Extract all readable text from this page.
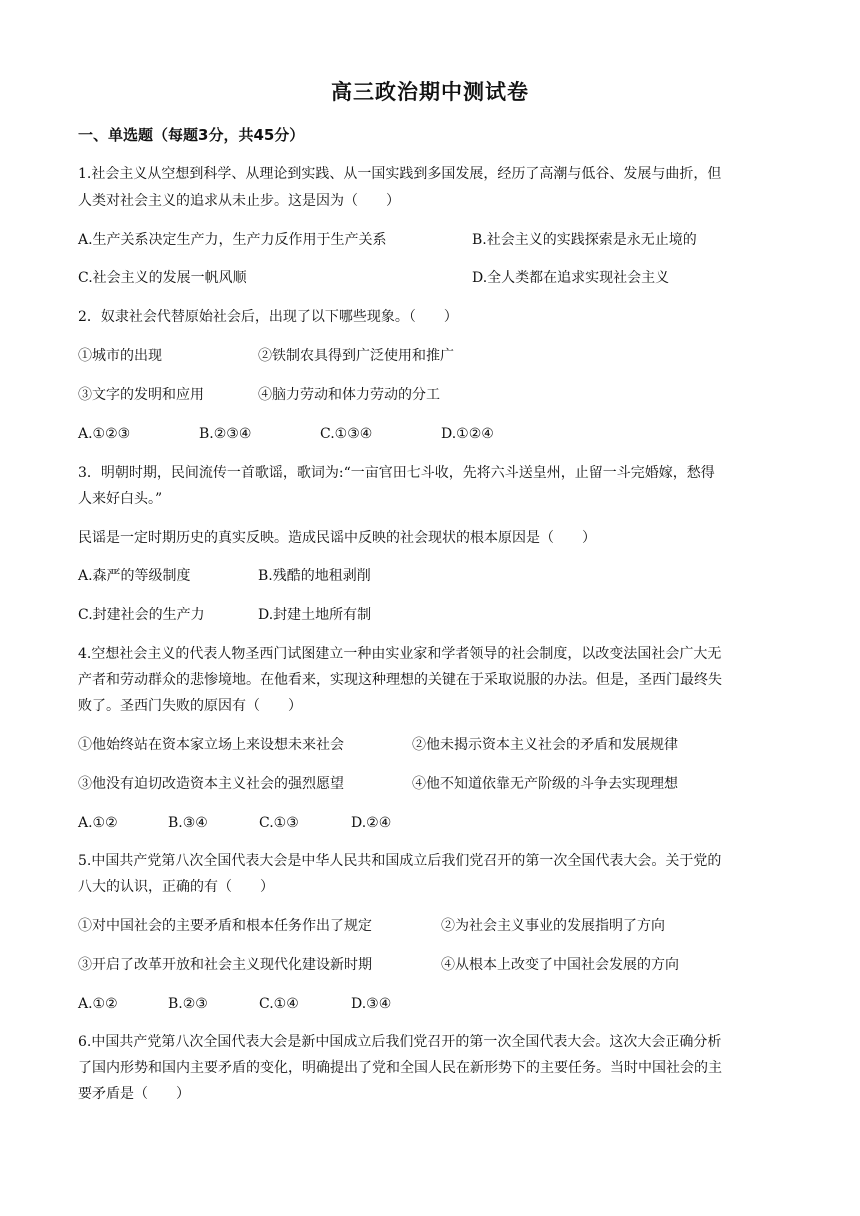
高三政治期中测试卷
一、单选题（每题3分，共45分）
1.社会主义从空想到科学、从理论到实践、从一国实践到多国发展，经历了高潮与低谷、发展与曲折，但
人类对社会主义的追求从未止步。这是因为（　　）
A.生产关系决定生产力，生产力反作用于生产关系	B.社会主义的实践探索是永无止境的
C.社会主义的发展一帆风顺	D.全人类都在追求实现社会主义
2．奴隶社会代替原始社会后，出现了以下哪些现象。（　　）
①城市的出现	②铁制农具得到广泛使用和推广
③文字的发明和应用	④脑力劳动和体力劳动的分工
A.①②③	B.②③④	C.①③④	D.①②④
3．明朝时期，民间流传一首歌谣，歌词为:“一亩官田七斗收，先将六斗送皇州，止留一斗完婚嫁，愁得
人来好白头。”
民谣是一定时期历史的真实反映。造成民谣中反映的社会现状的根本原因是（　　）
A.森严的等级制度	B.残酷的地租剥削
C.封建社会的生产力	D.封建土地所有制
4.空想社会主义的代表人物圣西门试图建立一种由实业家和学者领导的社会制度，以改变法国社会广大无
产者和劳动群众的悲惨境地。在他看来，实现这种理想的关键在于采取说服的办法。但是，圣西门最终失
败了。圣西门失败的原因有（　　）
①他始终站在资本家立场上来设想未来社会	②他未揭示资本主义社会的矛盾和发展规律
③他没有迫切改造资本主义社会的强烈愿望	④他不知道依靠无产阶级的斗争去实现理想
A.①②	B.③④	C.①③	D.②④
5.中国共产党第八次全国代表大会是中华人民共和国成立后我们党召开的第一次全国代表大会。关于党的
八大的认识，正确的有（　　）
①对中国社会的主要矛盾和根本任务作出了规定	②为社会主义事业的发展指明了方向
③开启了改革开放和社会主义现代化建设新时期	④从根本上改变了中国社会发展的方向
A.①②	B.②③	C.①④	D.③④
6.中国共产党第八次全国代表大会是新中国成立后我们党召开的第一次全国代表大会。这次大会正确分析
了国内形势和国内主要矛盾的变化，明确提出了党和全国人民在新形势下的主要任务。当时中国社会的主
要矛盾是（　　）
